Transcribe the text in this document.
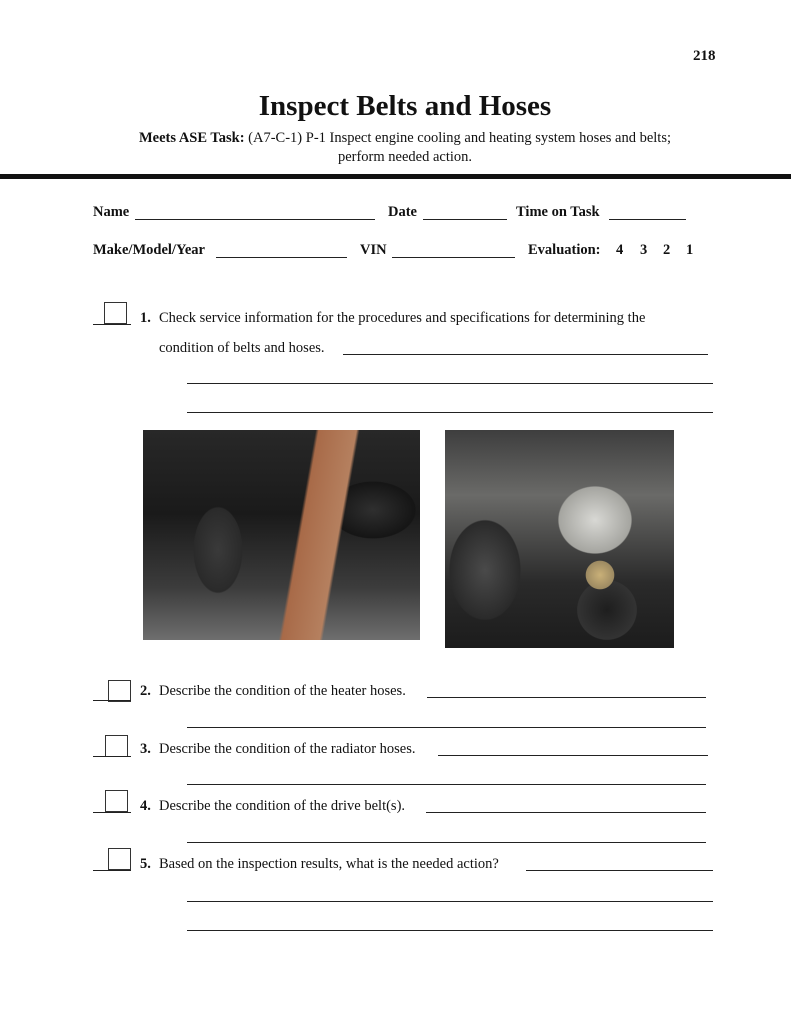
218
Inspect Belts and Hoses
Meets ASE Task: (A7-C-1) P-1 Inspect engine cooling and heating system hoses and belts;
perform needed action.
Name	Date	Time on Task
Make/Model/Year	VIN	Evaluation: 4 3 2 1
1. Check service information for the procedures and specifications for determining the
condition of belts and hoses.
2. Describe the condition of the heater hoses.
3. Describe the condition of the radiator hoses.
4. Describe the condition of the drive belt(s).
5. Based on the inspection results, what is the needed action?
